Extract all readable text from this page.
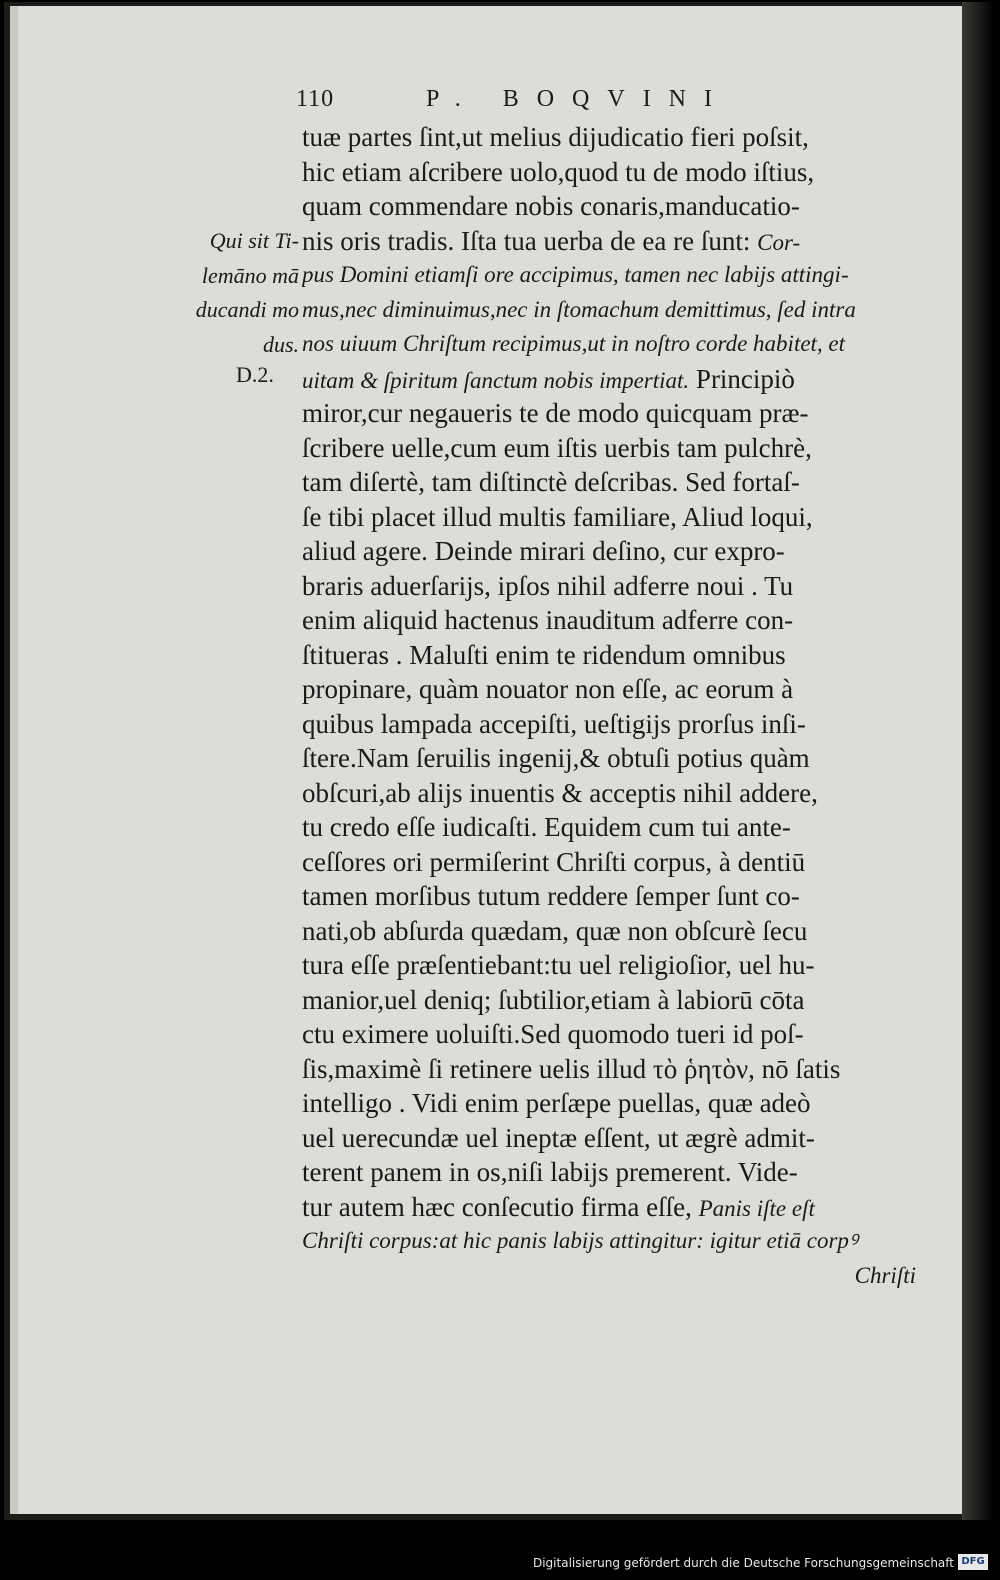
110	P. BOQVINI
Qui sit Ti-
lemāno mā
ducandi mo
dus.
D.2.
tuæ partes ſint,ut melius dijudicatio fieri poſsit,
hic etiam aſcribere uolo,quod tu de modo iſtius,
quam commendare nobis conaris,manducatio-
nis oris tradis. Iſta tua uerba de ea re ſunt: Cor-
pus Domini etiamſi ore accipimus, tamen nec labijs attingi-
mus,nec diminuimus,nec in ſtomachum demittimus, ſed intra
nos uiuum Chriſtum recipimus,ut in noſtro corde habitet, et
uitam & ſpiritum ſanctum nobis impertiat. Principiò
miror,cur negaueris te de modo quicquam præ-
ſcribere uelle,cum eum iſtis uerbis tam pulchrè,
tam diſertè, tam diſtinctè deſcribas. Sed fortaſ-
ſe tibi placet illud multis familiare, Aliud loqui,
aliud agere. Deinde mirari deſino, cur expro-
braris aduerſarijs, ipſos nihil adferre noui . Tu
enim aliquid hactenus inauditum adferre con-
ſtitueras . Maluſti enim te ridendum omnibus
propinare, quàm nouator non eſſe, ac eorum à
quibus lampada accepiſti, ueſtigijs prorſus inſi-
ſtere.Nam ſeruilis ingenij,& obtuſi potius quàm
obſcuri,ab alijs inuentis & acceptis nihil addere,
tu credo eſſe iudicaſti. Equidem cum tui ante-
ceſſores ori permiſerint Chriſti corpus, à dentiū
tamen morſibus tutum reddere ſemper ſunt co-
nati,ob abſurda quædam, quæ non obſcurè ſecu
tura eſſe præſentiebant:tu uel religioſior, uel hu-
manior,uel deniq; ſubtilior,etiam à labiorū cōta
ctu eximere uoluiſti.Sed quomodo tueri id poſ-
ſis,maximè ſi retinere uelis illud τὸ ῥητὸν, nō ſatis
intelligo . Vidi enim perſæpe puellas, quæ adeò
uel uerecundæ uel ineptæ eſſent, ut ægrè admit-
terent panem in os,niſi labijs premerent. Vide-
tur autem hæc conſecutio firma eſſe, Panis iſte eſt
Chriſti corpus:at hic panis labijs attingitur: igitur etiā corpꝰ
Chriſti
Digitalisierung gefördert durch die Deutsche Forschungsgemeinschaft DFG
